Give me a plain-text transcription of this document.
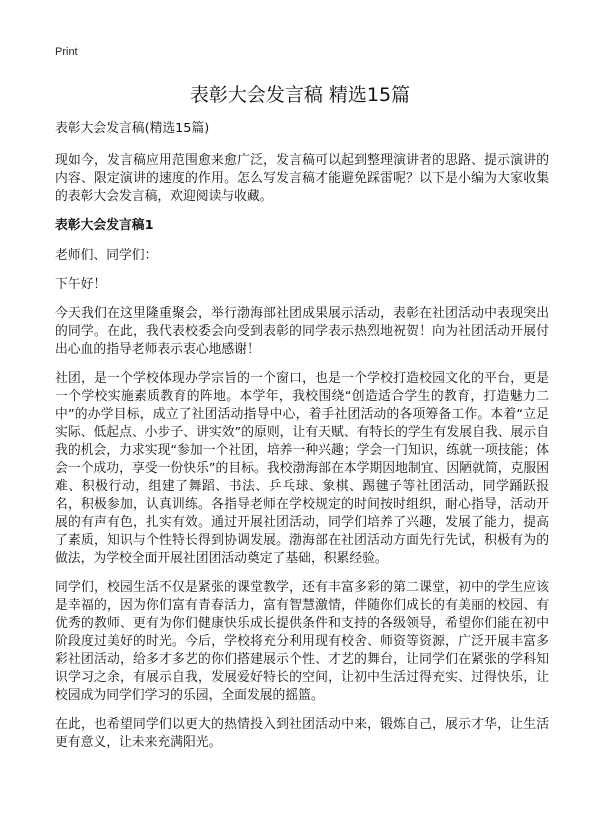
Print
表彰大会发言稿 精选15篇

表彰大会发言稿(精选15篇)

现如今，发言稿应用范围愈来愈广泛，发言稿可以起到整理演讲者的思路、提示演讲的内容、限定演讲的速度的作用。怎么写发言稿才能避免踩雷呢？以下是小编为大家收集的表彰大会发言稿，欢迎阅读与收藏。

表彰大会发言稿1

老师们、同学们：

下午好！

今天我们在这里隆重聚会，举行渤海部社团成果展示活动，表彰在社团活动中表现突出的同学。在此，我代表校委会向受到表彰的同学表示热烈地祝贺！向为社团活动开展付出心血的指导老师表示衷心地感谢！

社团，是一个学校体现办学宗旨的一个窗口，也是一个学校打造校园文化的平台，更是一个学校实施素质教育的阵地。本学年，我校围绕“创造适合学生的教育，打造魅力二中”的办学目标，成立了社团活动指导中心，着手社团活动的各项筹备工作。本着“立足实际、低起点、小步子、讲实效”的原则，让有天赋、有特长的学生有发展自我、展示自我的机会，力求实现“参加一个社团，培养一种兴趣；学会一门知识，练就一项技能；体会一个成功，享受一份快乐”的目标。我校渤海部在本学期因地制宜、因陋就简，克服困难、积极行动，组建了舞蹈、书法、乒乓球、象棋、踢毽子等社团活动，同学踊跃报名，积极参加，认真训练。各指导老师在学校规定的时间按时组织，耐心指导，活动开展的有声有色，扎实有效。通过开展社团活动，同学们培养了兴趣，发展了能力，提高了素质，知识与个性特长得到协调发展。渤海部在社团活动方面先行先试，积极有为的做法，为学校全面开展社团团活动奠定了基础，积累经验。

同学们，校园生活不仅是紧张的课堂教学，还有丰富多彩的第二课堂，初中的学生应该是幸福的，因为你们富有青春活力，富有智慧激情，伴随你们成长的有美丽的校园、有优秀的教师、更有为你们健康快乐成长提供条件和支持的各级领导，希望你们能在初中阶段度过美好的时光。今后，学校将充分利用现有校舍、师资等资源，广泛开展丰富多彩社团活动，给多才多艺的你们搭建展示个性、才艺的舞台，让同学们在紧张的学科知识学习之余，有展示自我，发展爱好特长的空间，让初中生活过得充实、过得快乐，让校园成为同学们学习的乐园，全面发展的摇篮。

在此，也希望同学们以更大的热情投入到社团活动中来，锻炼自己，展示才华，让生活更有意义，让未来充满阳光。
